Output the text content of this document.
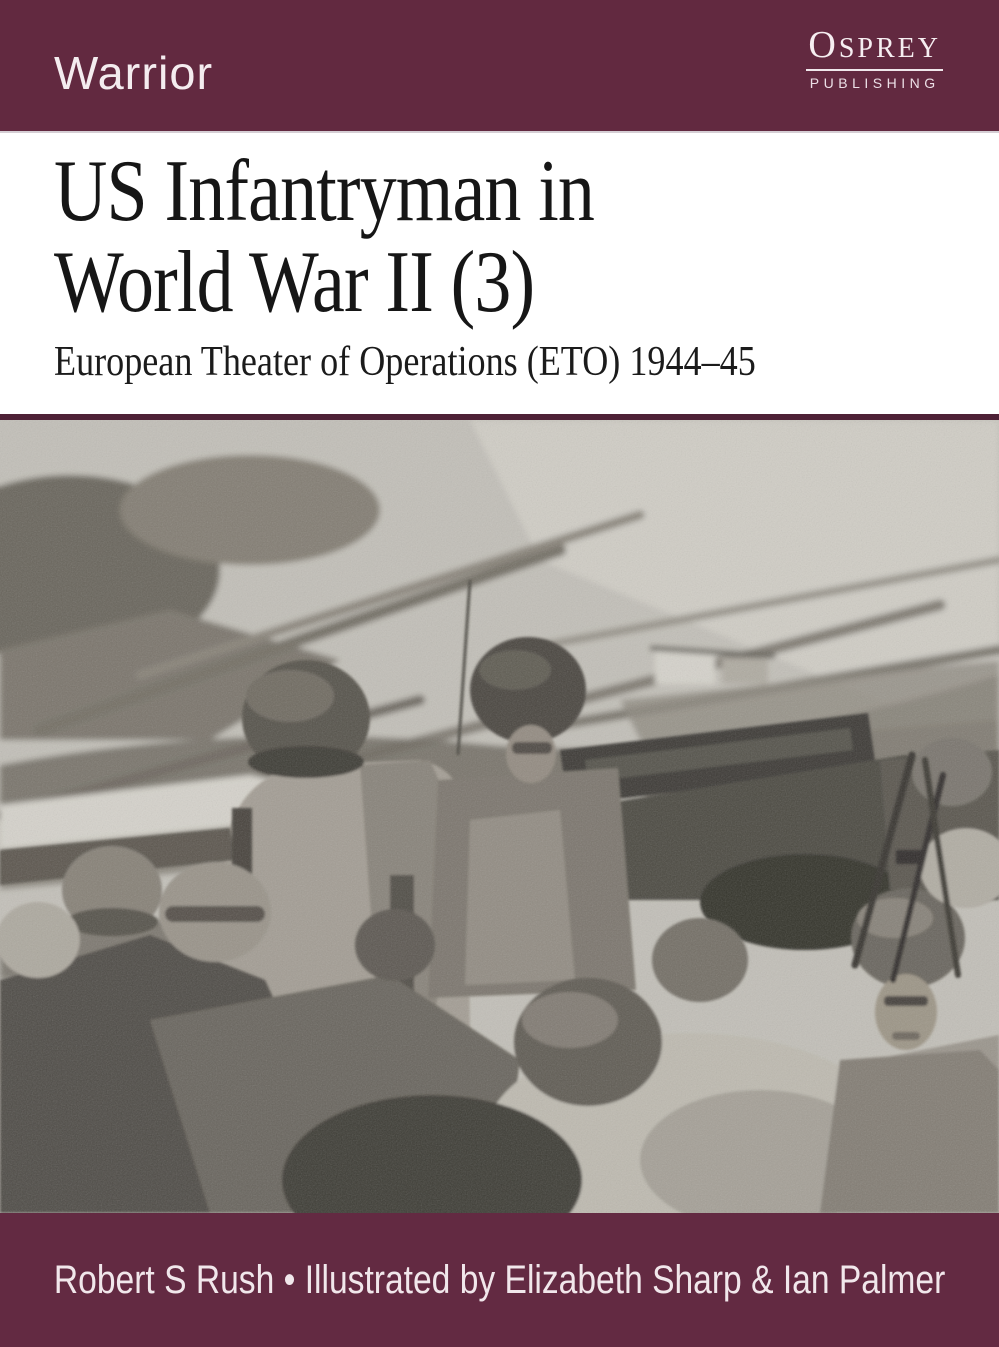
Warrior
OSPREY
PUBLISHING
US Infantryman in
World War II (3)
European Theater of Operations (ETO) 1944–45
Robert S Rush • Illustrated by Elizabeth Sharp & Ian Palmer
